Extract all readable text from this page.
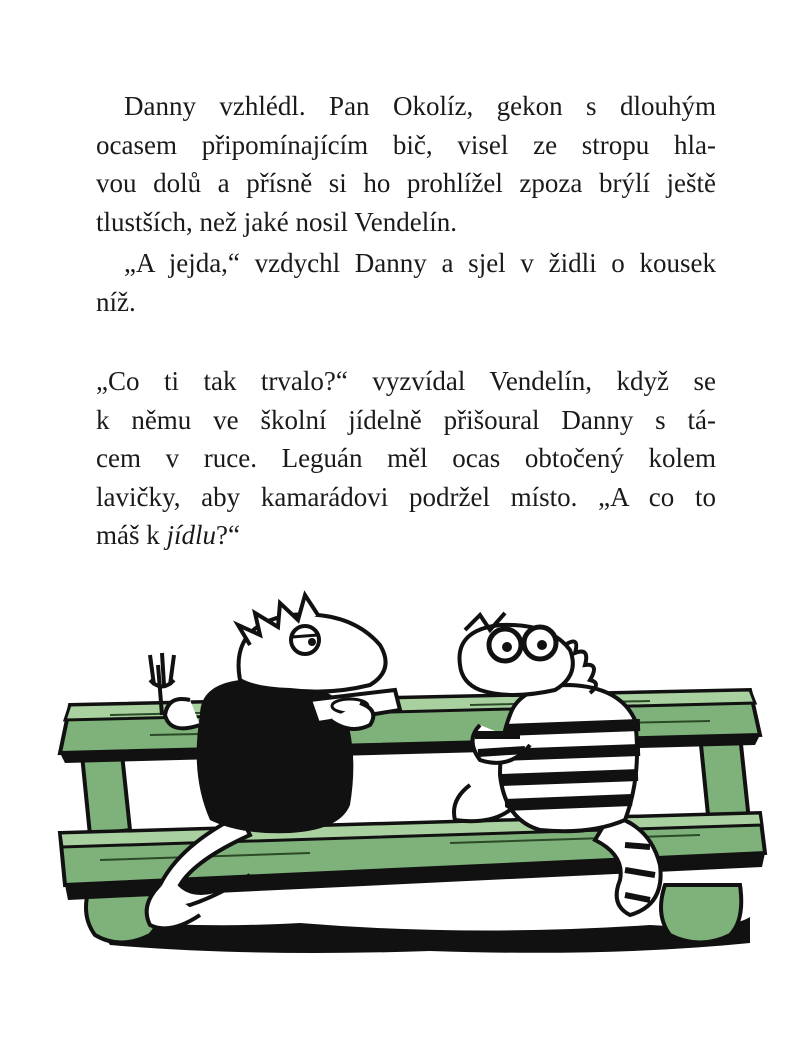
Danny vzhlédl. Pan Okolíz, gekon s dlouhým
ocasem připomínajícím bič, visel ze stropu hla-
vou dolů a přísně si ho prohlížel zpoza brýlí ještě
tlustších, než jaké nosil Vendelín.
„A jejda,“ vzdychl Danny a sjel v židli o kousek
níž.
„Co ti tak trvalo?“ vyzvídal Vendelín, když se
k němu ve školní jídelně přišoural Danny s tá-
cem v ruce. Leguán měl ocas obtočený kolem
lavičky, aby kamarádovi podržel místo. „A co to
máš k jídlu?“
